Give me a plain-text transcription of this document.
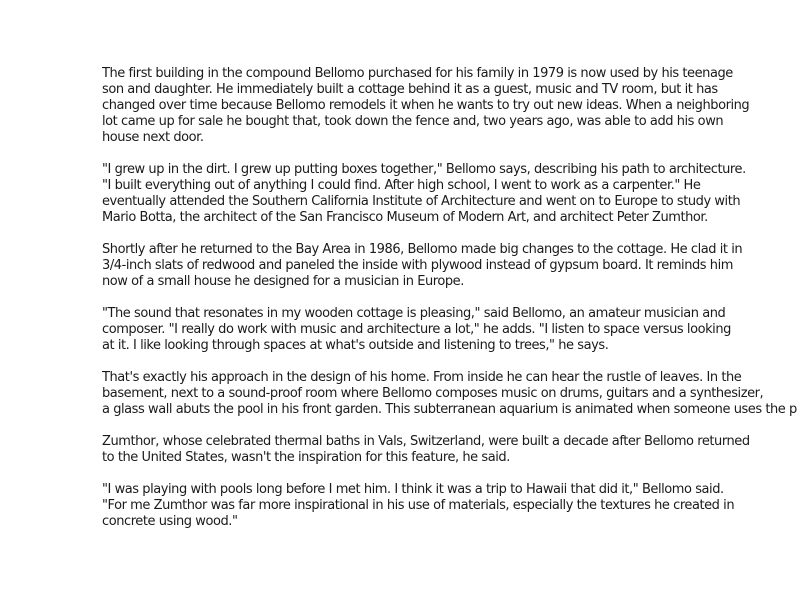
The first building in the compound Bellomo purchased for his family in 1979 is now used by his teenage
son and daughter. He immediately built a cottage behind it as a guest, music and TV room, but it has
changed over time because Bellomo remodels it when he wants to try out new ideas. When a neighboring
lot came up for sale he bought that, took down the fence and, two years ago, was able to add his own
house next door.

"I grew up in the dirt. I grew up putting boxes together," Bellomo says, describing his path to architecture.
"I built everything out of anything I could find. After high school, I went to work as a carpenter." He
eventually attended the Southern California Institute of Architecture and went on to Europe to study with
Mario Botta, the architect of the San Francisco Museum of Modern Art, and architect Peter Zumthor.

Shortly after he returned to the Bay Area in 1986, Bellomo made big changes to the cottage. He clad it in
3/4-inch slats of redwood and paneled the inside with plywood instead of gypsum board. It reminds him
now of a small house he designed for a musician in Europe.

"The sound that resonates in my wooden cottage is pleasing," said Bellomo, an amateur musician and
composer. "I really do work with music and architecture a lot," he adds. "I listen to space versus looking
at it. I like looking through spaces at what's outside and listening to trees," he says.

That's exactly his approach in the design of his home. From inside he can hear the rustle of leaves. In the
basement, next to a sound-proof room where Bellomo composes music on drums, guitars and a synthesizer,
a glass wall abuts the pool in his front garden. This subterranean aquarium is animated when someone uses the p

Zumthor, whose celebrated thermal baths in Vals, Switzerland, were built a decade after Bellomo returned
to the United States, wasn't the inspiration for this feature, he said.

"I was playing with pools long before I met him. I think it was a trip to Hawaii that did it," Bellomo said.
"For me Zumthor was far more inspirational in his use of materials, especially the textures he created in
concrete using wood."
